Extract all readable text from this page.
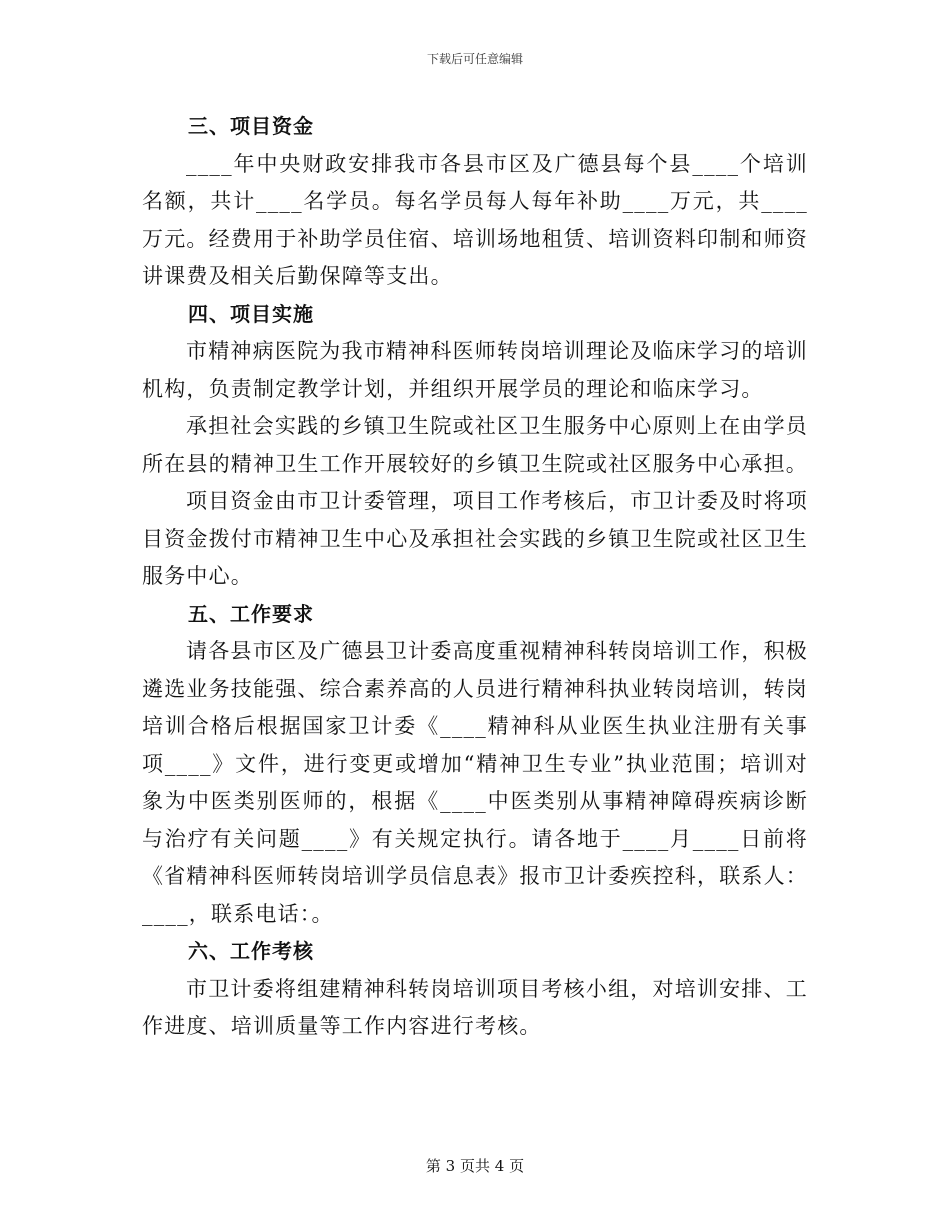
下载后可任意编辑
三、项目资金

____年中央财政安排我市各县市区及广德县每个县____个培训名额，共计____名学员。每名学员每人每年补助____万元，共____万元。经费用于补助学员住宿、培训场地租赁、培训资料印制和师资讲课费及相关后勤保障等支出。

四、项目实施

市精神病医院为我市精神科医师转岗培训理论及临床学习的培训机构，负责制定教学计划，并组织开展学员的理论和临床学习。

承担社会实践的乡镇卫生院或社区卫生服务中心原则上在由学员所在县的精神卫生工作开展较好的乡镇卫生院或社区服务中心承担。

项目资金由市卫计委管理，项目工作考核后，市卫计委及时将项目资金拨付市精神卫生中心及承担社会实践的乡镇卫生院或社区卫生服务中心。

五、工作要求

请各县市区及广德县卫计委高度重视精神科转岗培训工作，积极遴选业务技能强、综合素养高的人员进行精神科执业转岗培训，转岗培训合格后根据国家卫计委《____精神科从业医生执业注册有关事项____》文件，进行变更或增加“精神卫生专业”执业范围；培训对象为中医类别医师的，根据《____中医类别从事精神障碍疾病诊断与治疗有关问题____》有关规定执行。请各地于____月____日前将《省精神科医师转岗培训学员信息表》报市卫计委疾控科，联系人：____，联系电话：。

六、工作考核

市卫计委将组建精神科转岗培训项目考核小组，对培训安排、工作进度、培训质量等工作内容进行考核。

第 3 页共 4 页
